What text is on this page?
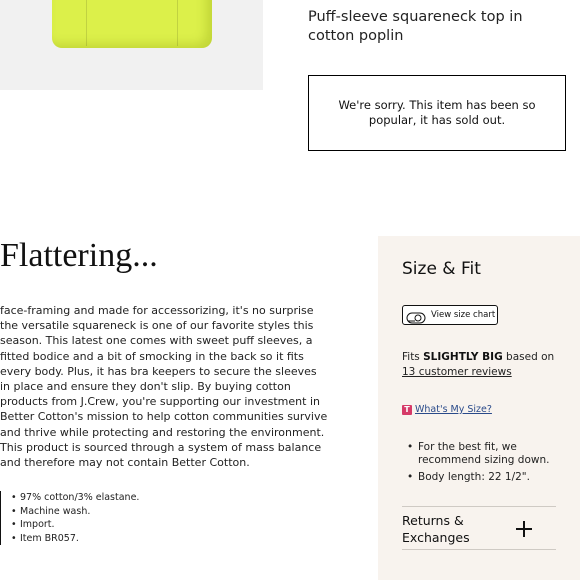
Puff-sleeve squareneck top in cotton poplin
We're sorry. This item has been so popular, it has sold out.
Flattering...
face-framing and made for accessorizing, it's no surprise the versatile squareneck is one of our favorite styles this season. This latest one comes with sweet puff sleeves, a fitted bodice and a bit of smocking in the back so it fits every body. Plus, it has bra keepers to secure the sleeves in place and ensure they don't slip. By buying cotton products from J.Crew, you're supporting our investment in Better Cotton's mission to help cotton communities survive and thrive while protecting and restoring the environment. This product is sourced through a system of mass balance and therefore may not contain Better Cotton.
• 97% cotton/3% elastane.
• Machine wash.
• Import.
• Item BR057.
Size & Fit
View size chart
Fits SLIGHTLY BIG based on 13 customer reviews
T What's My Size?
• For the best fit, we recommend sizing down.
• Body length: 22 1/2".
Returns & Exchanges
